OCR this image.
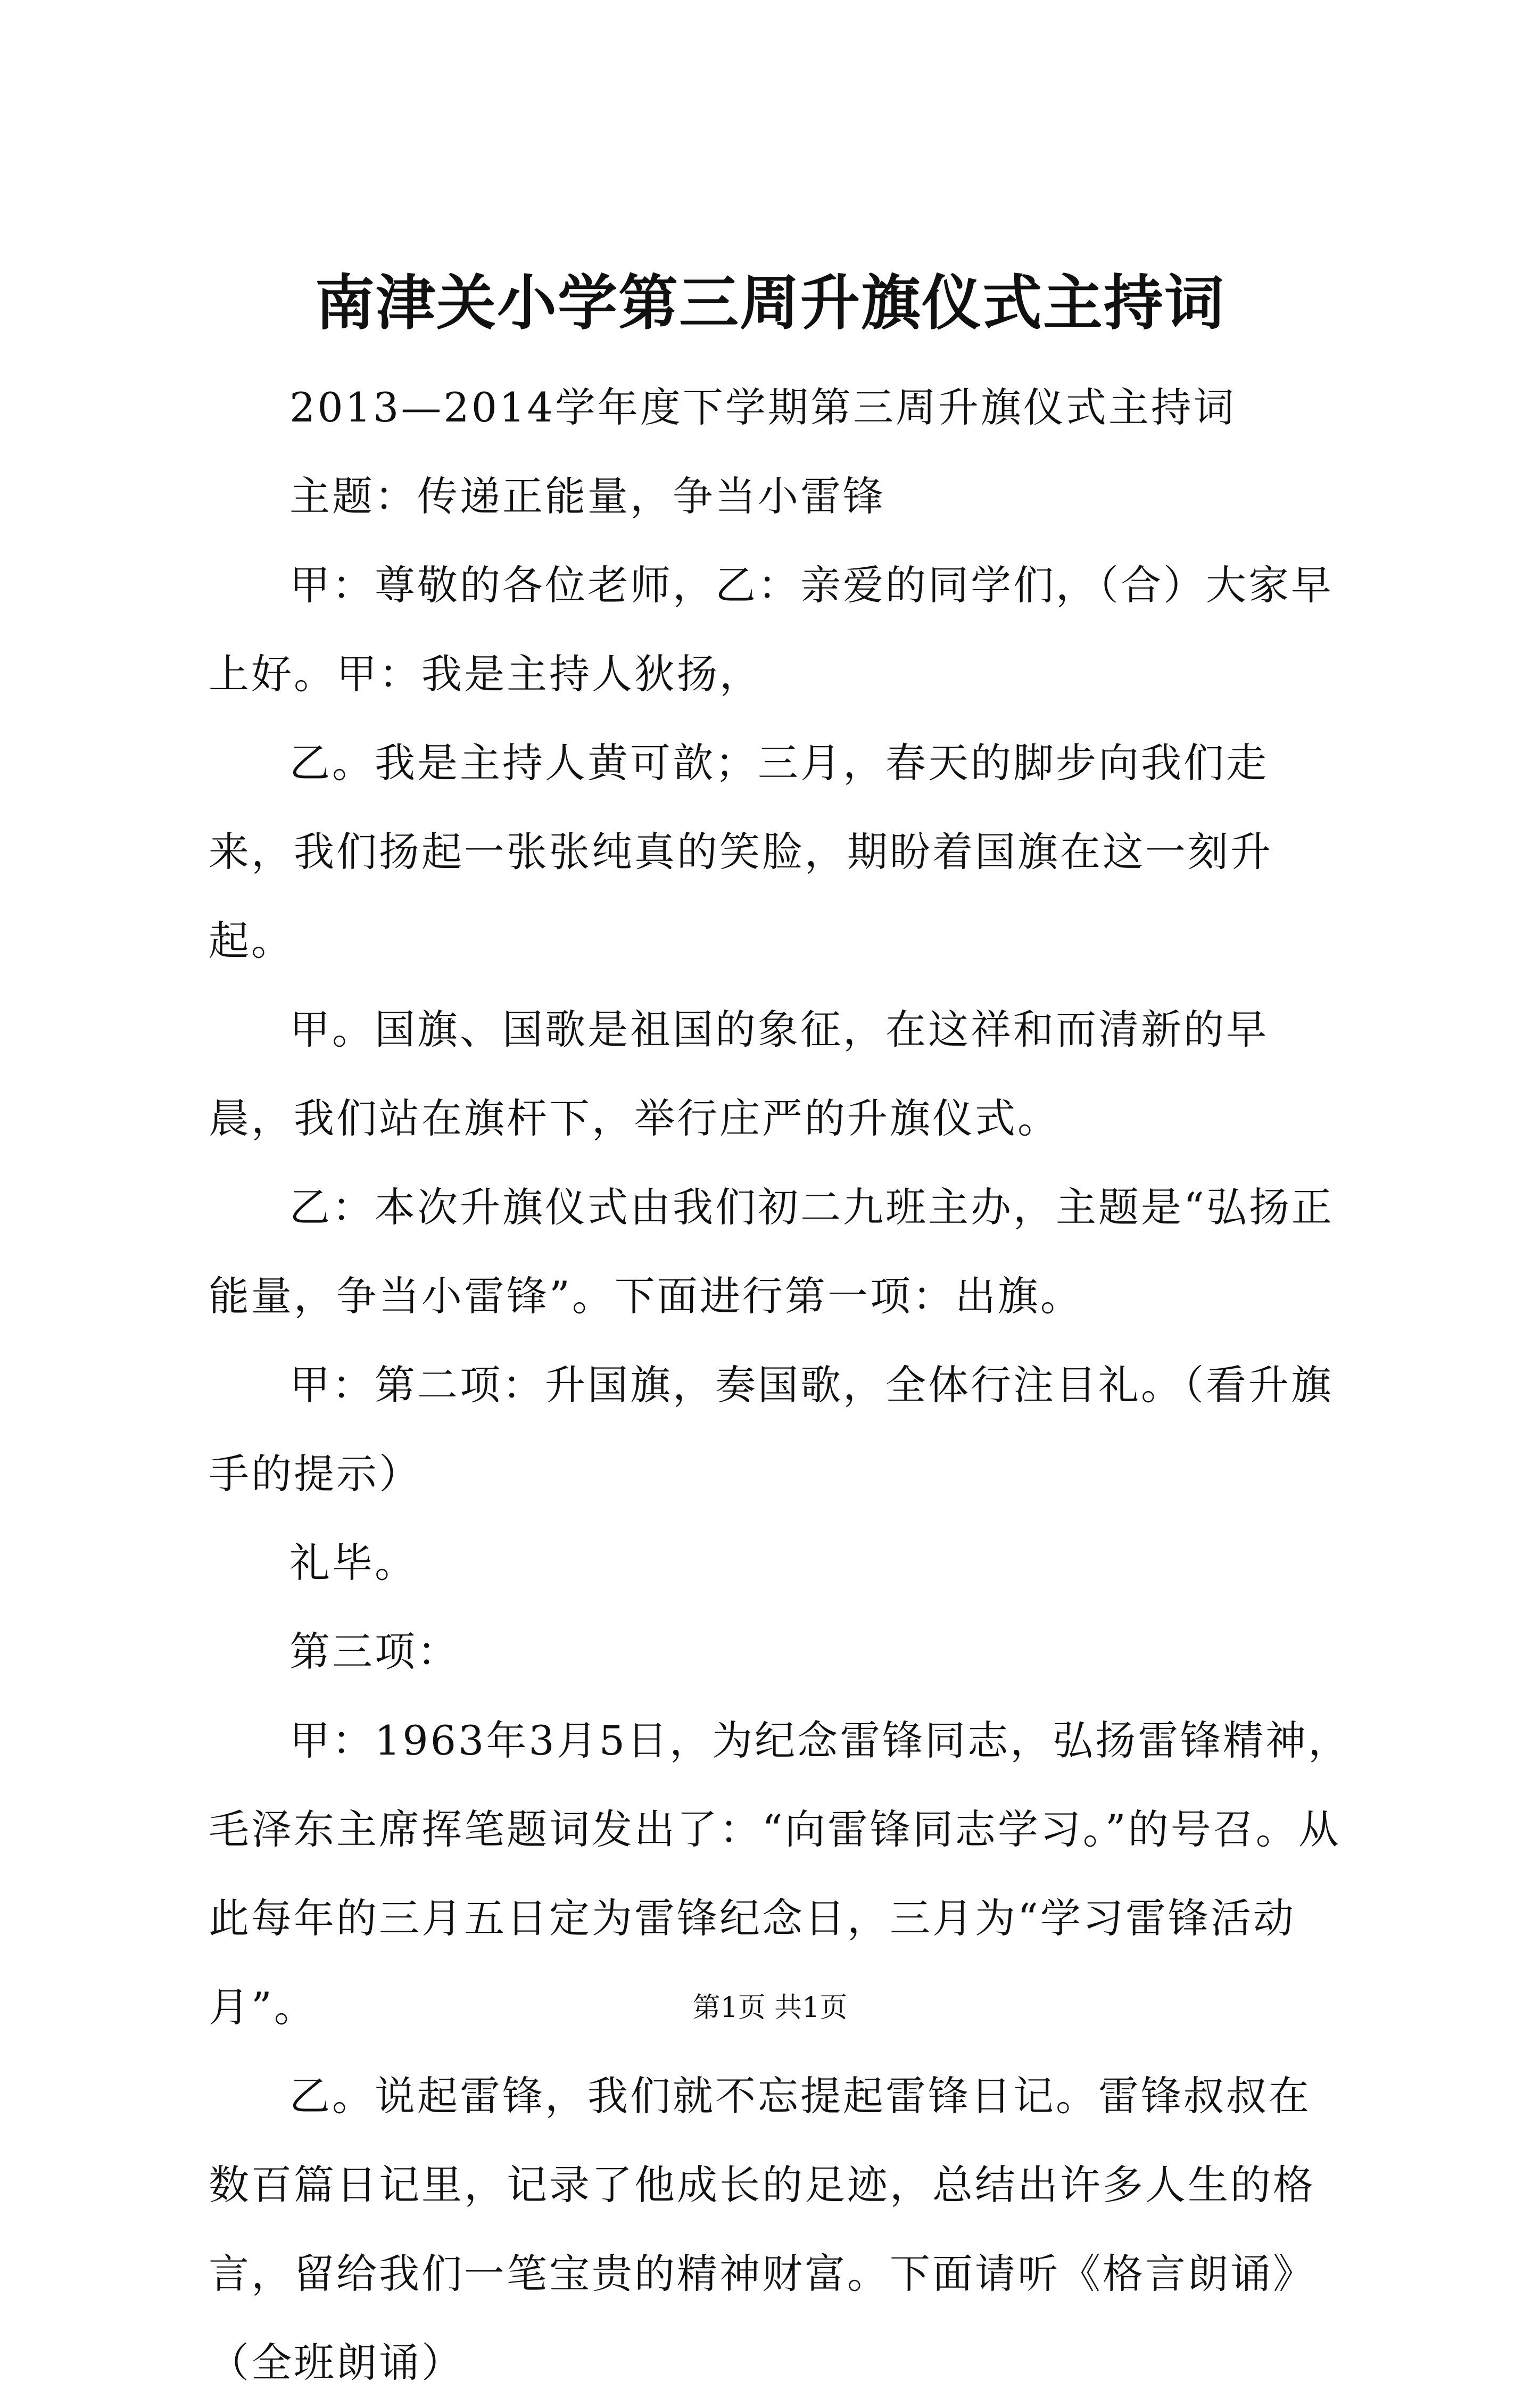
南津关小学第三周升旗仪式主持词

2013—2014学年度下学期第三周升旗仪式主持词

主题：传递正能量，争当小雷锋

甲：尊敬的各位老师，乙：亲爱的同学们，（合）大家早上好。甲：我是主持人狄扬，

乙。我是主持人黄可歆；三月，春天的脚步向我们走来，我们扬起一张张纯真的笑脸，期盼着国旗在这一刻升起。

甲。国旗、国歌是祖国的象征，在这祥和而清新的早晨，我们站在旗杆下，举行庄严的升旗仪式。

乙：本次升旗仪式由我们初二九班主办，主题是“弘扬正能量，争当小雷锋”。下面进行第一项：出旗。

甲：第二项：升国旗，奏国歌，全体行注目礼。（看升旗手的提示）

礼毕。

第三项：

甲：1963年3月5日，为纪念雷锋同志，弘扬雷锋精神，毛泽东主席挥笔题词发出了：“向雷锋同志学习。”的号召。从此每年的三月五日定为雷锋纪念日，三月为“学习雷锋活动月”。

乙。说起雷锋，我们就不忘提起雷锋日记。雷锋叔叔在数百篇日记里，记录了他成长的足迹，总结出许多人生的格言，留给我们一笔宝贵的精神财富。下面请听《格言朗诵》（全班朗诵）

第1页 共1页
